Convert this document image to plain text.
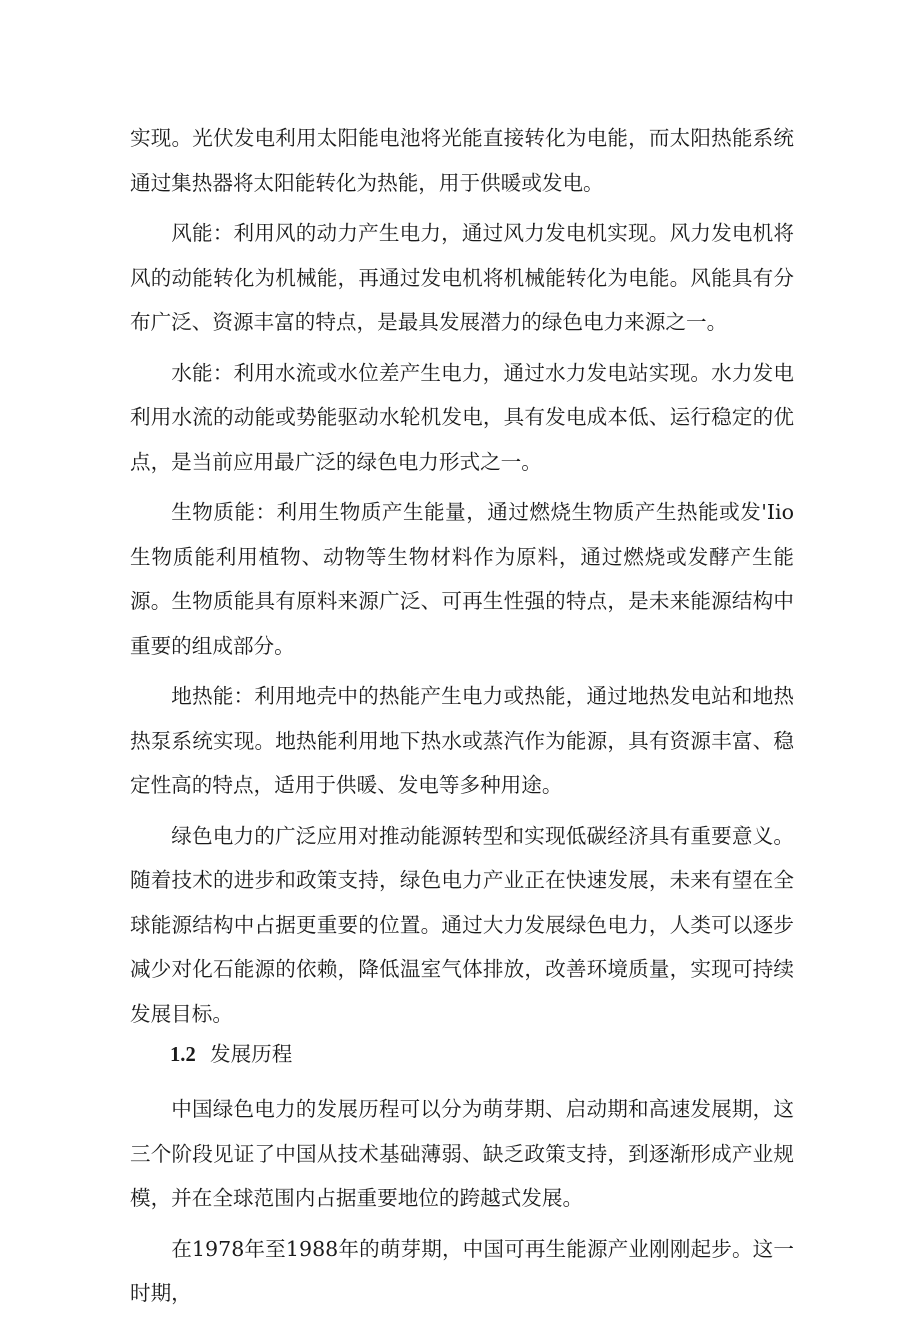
实现。光伏发电利用太阳能电池将光能直接转化为电能，而太阳热能系统通过集热器将太阳能转化为热能，用于供暖或发电。

风能：利用风的动力产生电力，通过风力发电机实现。风力发电机将风的动能转化为机械能，再通过发电机将机械能转化为电能。风能具有分布广泛、资源丰富的特点，是最具发展潜力的绿色电力来源之一。

水能：利用水流或水位差产生电力，通过水力发电站实现。水力发电利用水流的动能或势能驱动水轮机发电，具有发电成本低、运行稳定的优点，是当前应用最广泛的绿色电力形式之一。

生物质能：利用生物质产生能量，通过燃烧生物质产生热能或发'Iio生物质能利用植物、动物等生物材料作为原料，通过燃烧或发酵产生能源。生物质能具有原料来源广泛、可再生性强的特点，是未来能源结构中重要的组成部分。

地热能：利用地壳中的热能产生电力或热能，通过地热发电站和地热热泵系统实现。地热能利用地下热水或蒸汽作为能源，具有资源丰富、稳定性高的特点，适用于供暖、发电等多种用途。

绿色电力的广泛应用对推动能源转型和实现低碳经济具有重要意义。随着技术的进步和政策支持，绿色电力产业正在快速发展，未来有望在全球能源结构中占据更重要的位置。通过大力发展绿色电力，人类可以逐步减少对化石能源的依赖，降低温室气体排放，改善环境质量，实现可持续发展目标。

1.2 发展历程

中国绿色电力的发展历程可以分为萌芽期、启动期和高速发展期，这三个阶段见证了中国从技术基础薄弱、缺乏政策支持，到逐渐形成产业规模，并在全球范围内占据重要地位的跨越式发展。

在1978年至1988年的萌芽期，中国可再生能源产业刚刚起步。这一时期，
